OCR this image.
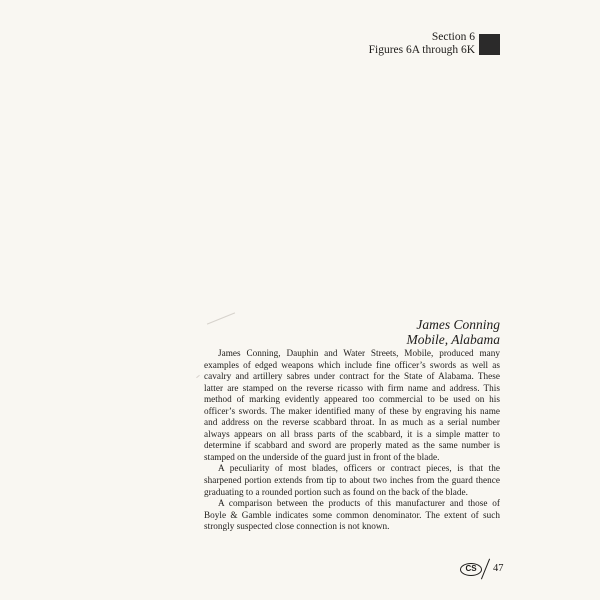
Section 6
Figures 6A through 6K
James Conning
Mobile, Alabama

James Conning, Dauphin and Water Streets, Mobile, produced many examples of edged weapons which include fine officer’s swords as well as cavalry and artillery sabres under contract for the State of Alabama. These latter are stamped on the reverse ricasso with firm name and address. This method of marking evidently appeared too commercial to be used on his officer’s swords. The maker identified many of these by engraving his name and address on the reverse scabbard throat. In as much as a serial number always appears on all brass parts of the scabbard, it is a simple matter to determine if scabbard and sword are properly mated as the same number is stamped on the underside of the guard just in front of the blade.

A peculiarity of most blades, officers or contract pieces, is that the sharpened portion extends from tip to about two inches from the guard thence graduating to a rounded portion such as found on the back of the blade.

A comparison between the products of this manufacturer and those of Boyle & Gamble indicates some common denominator. The extent of such strongly suspected close connection is not known.

CS	47
